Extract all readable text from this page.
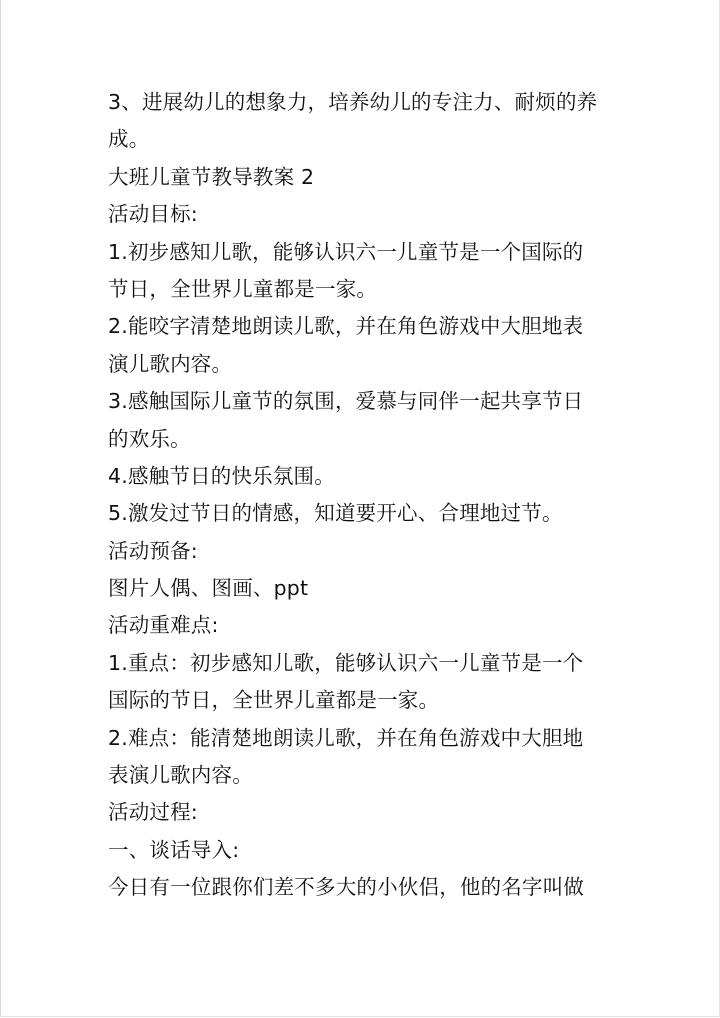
3、进展幼儿的想象力，培养幼儿的专注力、耐烦的养
成。
大班儿童节教导教案 2
活动目标:
1.初步感知儿歌，能够认识六一儿童节是一个国际的
节日，全世界儿童都是一家。
2.能咬字清楚地朗读儿歌，并在角色游戏中大胆地表
演儿歌内容。
3.感触国际儿童节的氛围，爱慕与同伴一起共享节日
的欢乐。
4.感触节日的快乐氛围。
5.激发过节日的情感，知道要开心、合理地过节。
活动预备:
图片人偶、图画、ppt
活动重难点:
1.重点：初步感知儿歌，能够认识六一儿童节是一个
国际的节日，全世界儿童都是一家。
2.难点：能清楚地朗读儿歌，并在角色游戏中大胆地
表演儿歌内容。
活动过程:
一、谈话导入:
今日有一位跟你们差不多大的小伙侣，他的名字叫做
